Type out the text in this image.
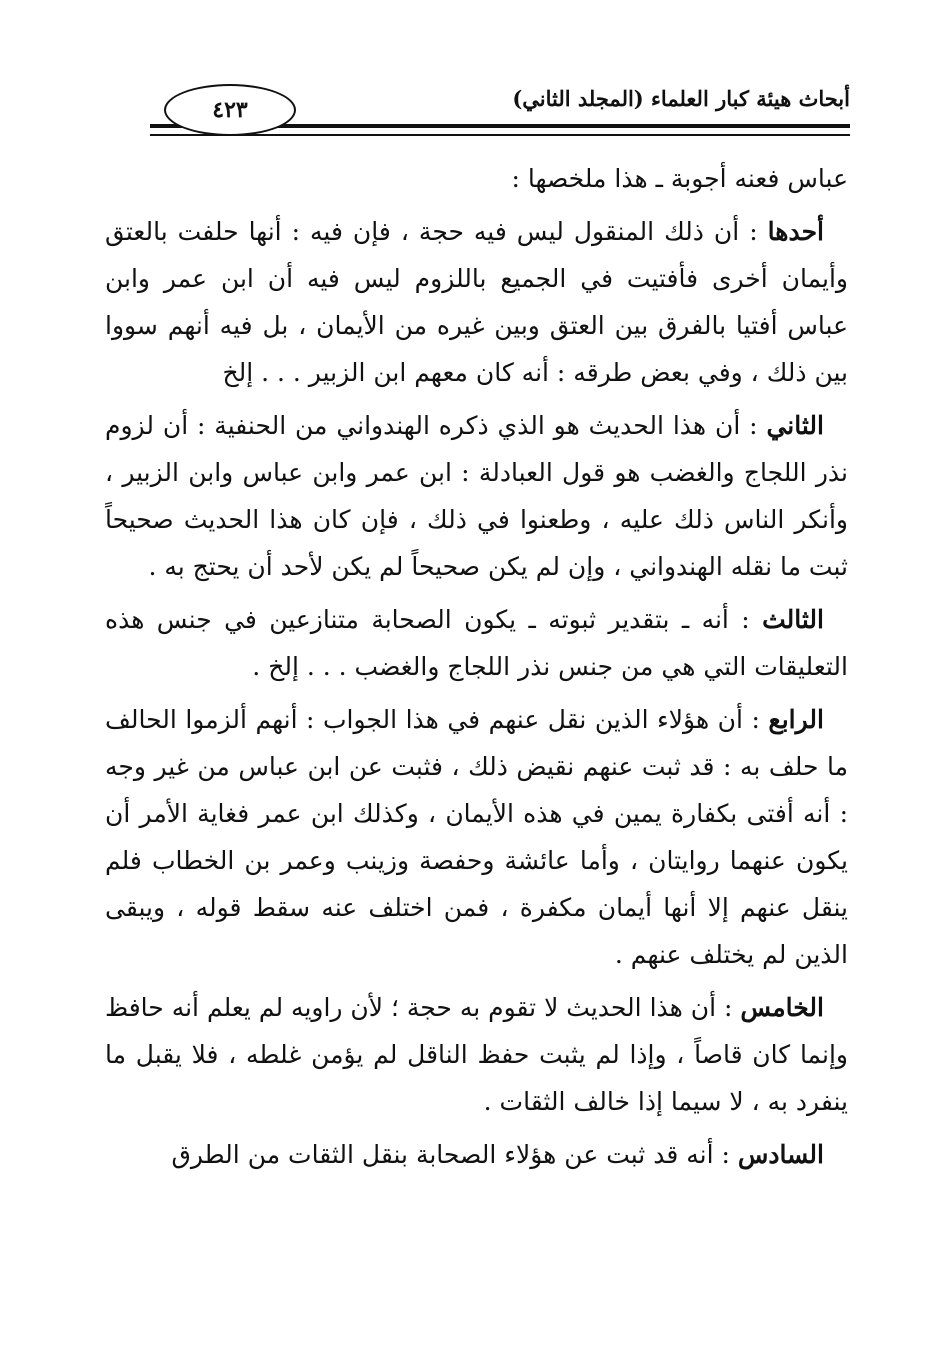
٤٢٣	أبحاث هيئة كبار العلماء (المجلد الثاني)

عباس فعنه أجوبة ـ هذا ملخصها :

أحدها : أن ذلك المنقول ليس فيه حجة ، فإن فيه : أنها حلفت بالعتق وأيمان أخرى فأفتيت في الجميع باللزوم ليس فيه أن ابن عمر وابن عباس أفتيا بالفرق بين العتق وبين غيره من الأيمان ، بل فيه أنهم سووا بين ذلك ، وفي بعض طرقه : أنه كان معهم ابن الزبير . . . إلخ

الثاني : أن هذا الحديث هو الذي ذكره الهندواني من الحنفية : أن لزوم نذر اللجاج والغضب هو قول العبادلة : ابن عمر وابن عباس وابن الزبير ، وأنكر الناس ذلك عليه ، وطعنوا في ذلك ، فإن كان هذا الحديث صحيحاً ثبت ما نقله الهندواني ، وإن لم يكن صحيحاً لم يكن لأحد أن يحتج به .

الثالث : أنه ـ بتقدير ثبوته ـ يكون الصحابة متنازعين في جنس هذه التعليقات التي هي من جنس نذر اللجاج والغضب . . . إلخ .

الرابع : أن هؤلاء الذين نقل عنهم في هذا الجواب : أنهم ألزموا الحالف ما حلف به : قد ثبت عنهم نقيض ذلك ، فثبت عن ابن عباس من غير وجه : أنه أفتى بكفارة يمين في هذه الأيمان ، وكذلك ابن عمر فغاية الأمر أن يكون عنهما روايتان ، وأما عائشة وحفصة وزينب وعمر بن الخطاب فلم ينقل عنهم إلا أنها أيمان مكفرة ، فمن اختلف عنه سقط قوله ، ويبقى الذين لم يختلف عنهم .

الخامس : أن هذا الحديث لا تقوم به حجة ؛ لأن راويه لم يعلم أنه حافظ وإنما كان قاصاً ، وإذا لم يثبت حفظ الناقل لم يؤمن غلطه ، فلا يقبل ما ينفرد به ، لا سيما إذا خالف الثقات .

السادس : أنه قد ثبت عن هؤلاء الصحابة بنقل الثقات من الطرق
